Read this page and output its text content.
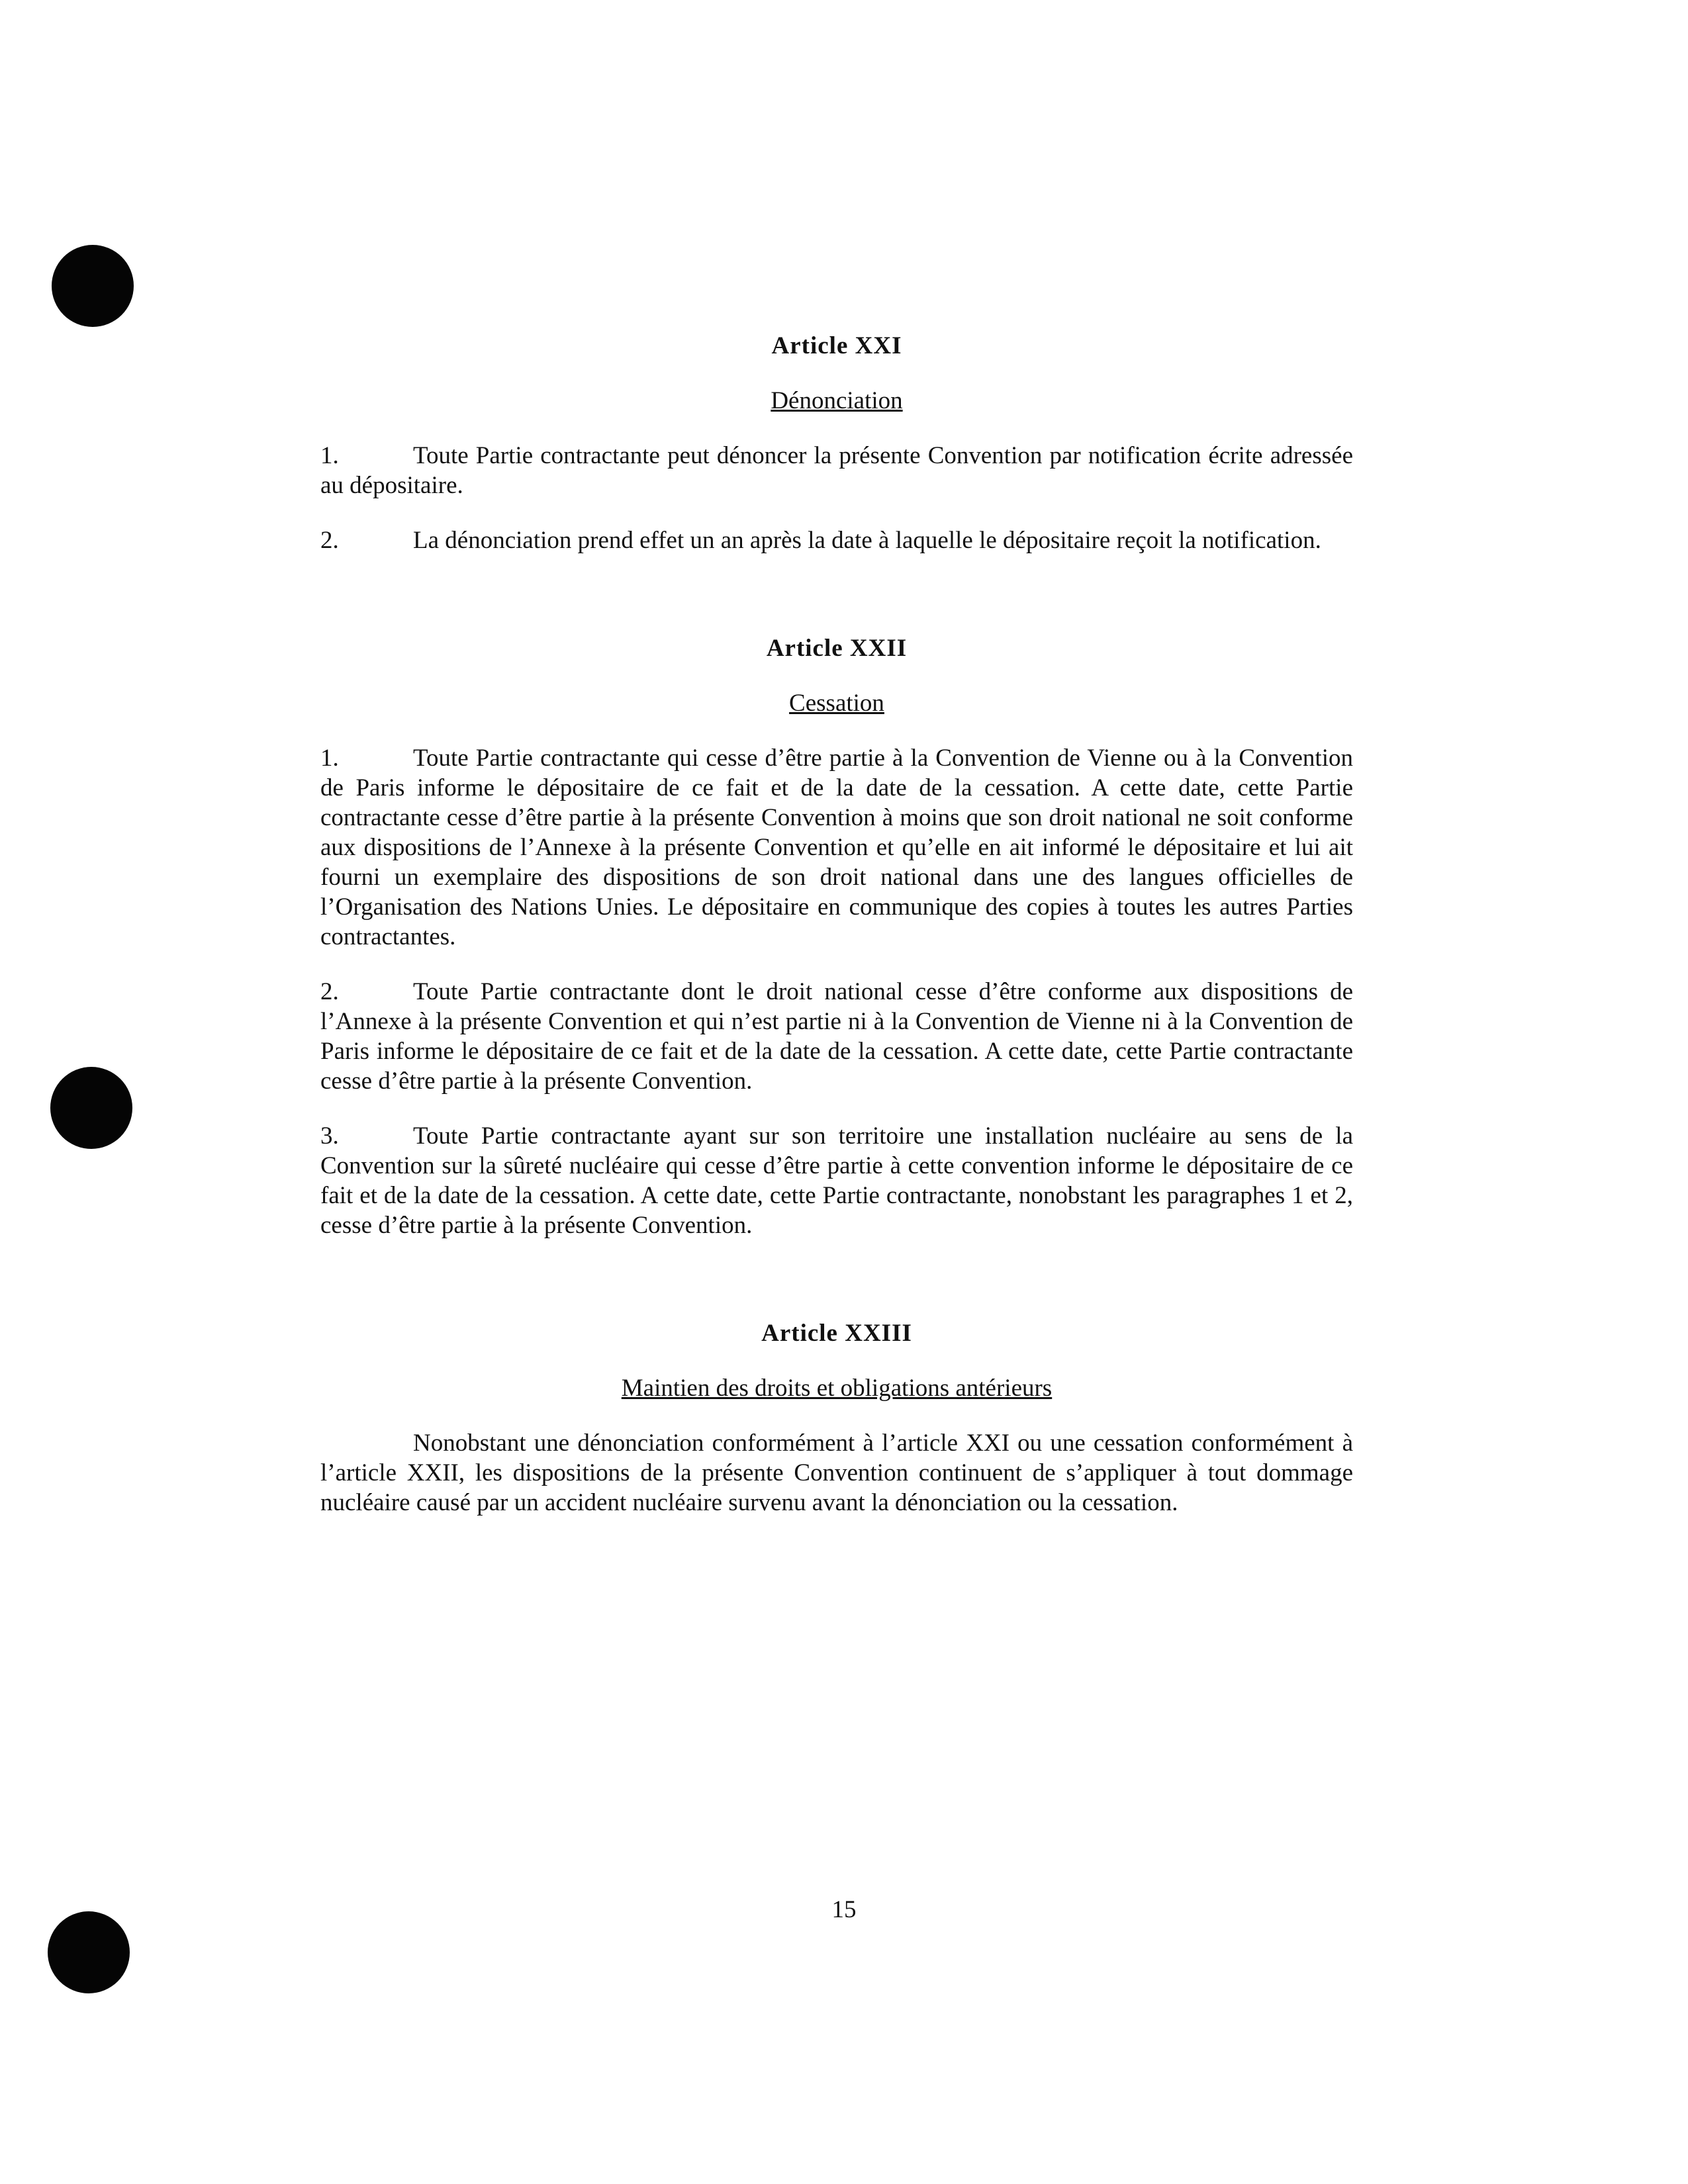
Article XXI

Dénonciation

1.	Toute Partie contractante peut dénoncer la présente Convention par notification écrite adressée au dépositaire.

2.	La dénonciation prend effet un an après la date à laquelle le dépositaire reçoit la notification.

Article XXII

Cessation

1.	Toute Partie contractante qui cesse d’être partie à la Convention de Vienne ou à la Convention de Paris informe le dépositaire de ce fait et de la date de la cessation. A cette date, cette Partie contractante cesse d’être partie à la présente Convention à moins que son droit national ne soit conforme aux dispositions de l’Annexe à la présente Convention et qu’elle en ait informé le dépositaire et lui ait fourni un exemplaire des dispositions de son droit national dans une des langues officielles de l’Organisation des Nations Unies. Le dépositaire en communique des copies à toutes les autres Parties contractantes.

2.	Toute Partie contractante dont le droit national cesse d’être conforme aux dispositions de l’Annexe à la présente Convention et qui n’est partie ni à la Convention de Vienne ni à la Convention de Paris informe le dépositaire de ce fait et de la date de la cessation. A cette date, cette Partie contractante cesse d’être partie à la présente Convention.

3.	Toute Partie contractante ayant sur son territoire une installation nucléaire au sens de la Convention sur la sûreté nucléaire qui cesse d’être partie à cette convention informe le dépositaire de ce fait et de la date de la cessation. A cette date, cette Partie contractante, nonobstant les paragraphes 1 et 2, cesse d’être partie à la présente Convention.

Article XXIII

Maintien des droits et obligations antérieurs

Nonobstant une dénonciation conformément à l’article XXI ou une cessation conformément à l’article XXII, les dispositions de la présente Convention continuent de s’appliquer à tout dommage nucléaire causé par un accident nucléaire survenu avant la dénonciation ou la cessation.

15
